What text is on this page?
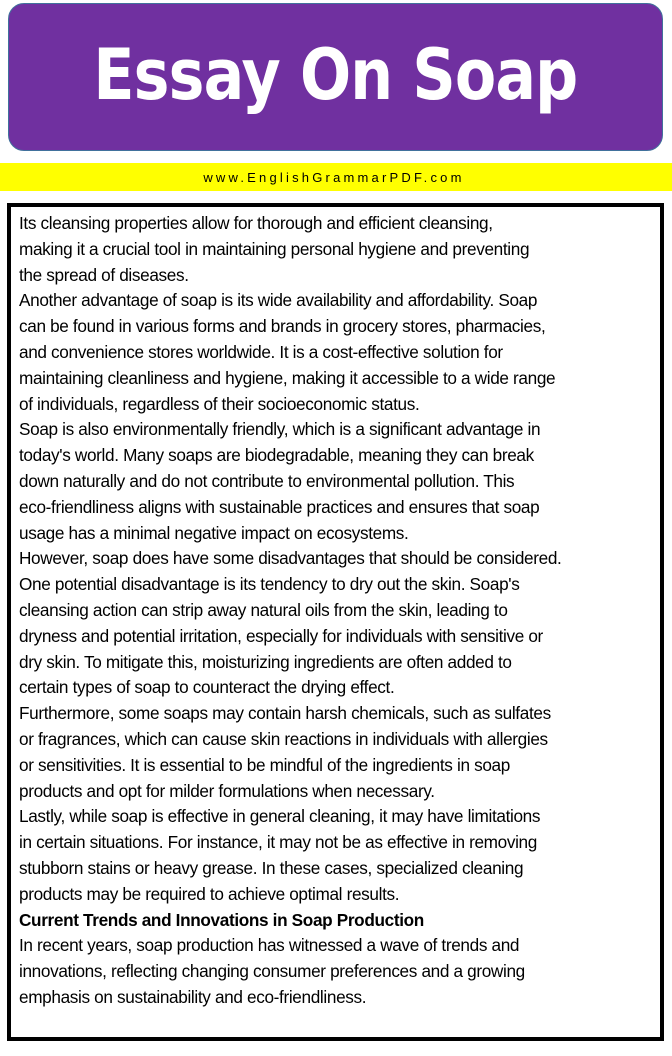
Essay On Soap
www.EnglishGrammarPDF.com
Its cleansing properties allow for thorough and efficient cleansing,
making it a crucial tool in maintaining personal hygiene and preventing
the spread of diseases.
Another advantage of soap is its wide availability and affordability. Soap
can be found in various forms and brands in grocery stores, pharmacies,
and convenience stores worldwide. It is a cost-effective solution for
maintaining cleanliness and hygiene, making it accessible to a wide range
of individuals, regardless of their socioeconomic status.
Soap is also environmentally friendly, which is a significant advantage in
today's world. Many soaps are biodegradable, meaning they can break
down naturally and do not contribute to environmental pollution. This
eco-friendliness aligns with sustainable practices and ensures that soap
usage has a minimal negative impact on ecosystems.
However, soap does have some disadvantages that should be considered.
One potential disadvantage is its tendency to dry out the skin. Soap's
cleansing action can strip away natural oils from the skin, leading to
dryness and potential irritation, especially for individuals with sensitive or
dry skin. To mitigate this, moisturizing ingredients are often added to
certain types of soap to counteract the drying effect.
Furthermore, some soaps may contain harsh chemicals, such as sulfates
or fragrances, which can cause skin reactions in individuals with allergies
or sensitivities. It is essential to be mindful of the ingredients in soap
products and opt for milder formulations when necessary.
Lastly, while soap is effective in general cleaning, it may have limitations
in certain situations. For instance, it may not be as effective in removing
stubborn stains or heavy grease. In these cases, specialized cleaning
products may be required to achieve optimal results.
Current Trends and Innovations in Soap Production
In recent years, soap production has witnessed a wave of trends and
innovations, reflecting changing consumer preferences and a growing
emphasis on sustainability and eco-friendliness.
